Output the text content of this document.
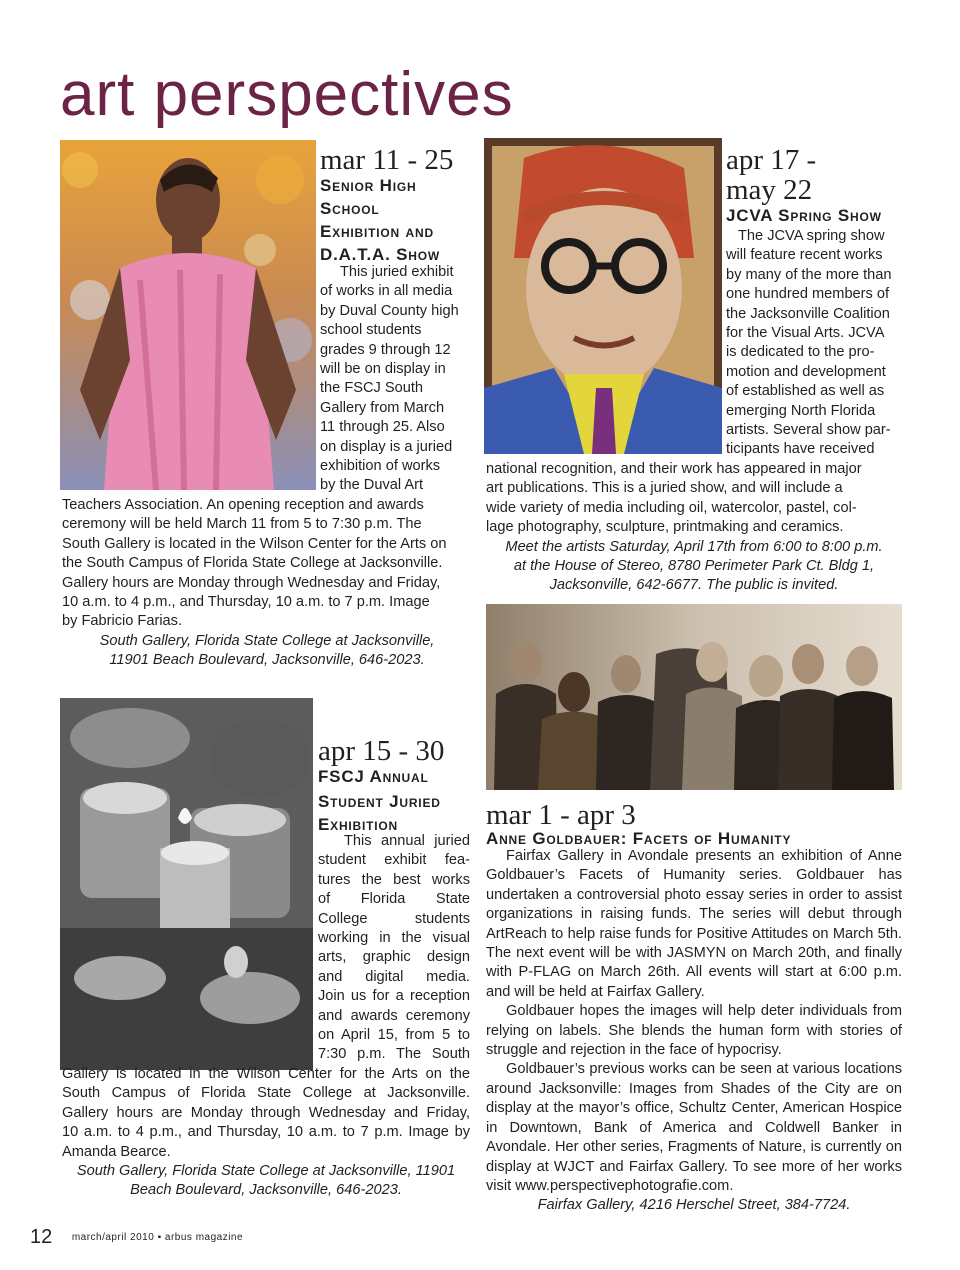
art perspectives
mar 11 - 25
Senior High
School
Exhibition and
D.A.T.A. Show
This juried exhibit
of works in all media
by Duval County high
school students
grades 9 through 12
will be on display in
the FSCJ South
Gallery from March
11 through 25. Also
on display is a juried
exhibition of works
by the Duval Art
Teachers Association. An opening reception and awards
ceremony will be held March 11 from 5 to 7:30 p.m. The
South Gallery is located in the Wilson Center for the Arts on
the South Campus of Florida State College at Jacksonville.
Gallery hours are Monday through Wednesday and Friday,
10 a.m. to 4 p.m., and Thursday, 10 a.m. to 7 p.m. Image
by Fabricio Farias.
South Gallery, Florida State College at Jacksonville,
11901 Beach Boulevard, Jacksonville, 646-2023.
apr 17 -
may 22
JCVA Spring Show
The JCVA spring show
will feature recent works
by many of the more than
one hundred members of
the Jacksonville Coalition
for the Visual Arts. JCVA
is dedicated to the pro-
motion and development
of established as well as
emerging North Florida
artists. Several show par-
ticipants have received
national recognition, and their work has appeared in major
art publications. This is a juried show, and will include a
wide variety of media including oil, watercolor, pastel, col-
lage photography, sculpture, printmaking and ceramics.
Meet the artists Saturday, April 17th from 6:00 to 8:00 p.m.
at the House of Stereo, 8780 Perimeter Park Ct. Bldg 1,
Jacksonville, 642-6677. The public is invited.
apr 15 - 30
FSCJ Annual
Student Juried
Exhibition
This annual juried
student exhibit fea-
tures the best works
of Florida State
College students
working in the visual
arts, graphic design
and digital media.
Join us for a reception
and awards ceremony
on April 15, from 5 to
7:30 p.m. The South
Gallery is located in the Wilson Center for the Arts on the
South Campus of Florida State College at Jacksonville.
Gallery hours are Monday through Wednesday and Friday,
10 a.m. to 4 p.m., and Thursday, 10 a.m. to 7 p.m. Image by
Amanda Bearce.
South Gallery, Florida State College at Jacksonville, 11901
Beach Boulevard, Jacksonville, 646-2023.
mar 1 - apr 3
Anne Goldbauer: Facets of Humanity

Fairfax Gallery in Avondale presents an exhibition of Anne Goldbauer’s Facets of Humanity series. Goldbauer has undertaken a controversial photo essay series in order to assist organizations in raising funds. The series will debut through ArtReach to help raise funds for Positive Attitudes on March 5th. The next event will be with JASMYN on March 20th, and finally with P-FLAG on March 26th. All events will start at 6:00 p.m. and will be held at Fairfax Gallery.

Goldbauer hopes the images will help deter individuals from relying on labels. She blends the human form with stories of struggle and rejection in the face of hypocrisy.

Goldbauer’s previous works can be seen at various locations around Jacksonville: Images from Shades of the City are on display at the mayor’s office, Schultz Center, American Hospice in Downtown, Bank of America and Coldwell Banker in Avondale. Her other series, Fragments of Nature, is currently on display at WJCT and Fairfax Gallery. To see more of her works visit www.perspectivephotografie.com.

Fairfax Gallery, 4216 Herschel Street, 384-7724.
12 march/april 2010 ▪ arbus magazine
